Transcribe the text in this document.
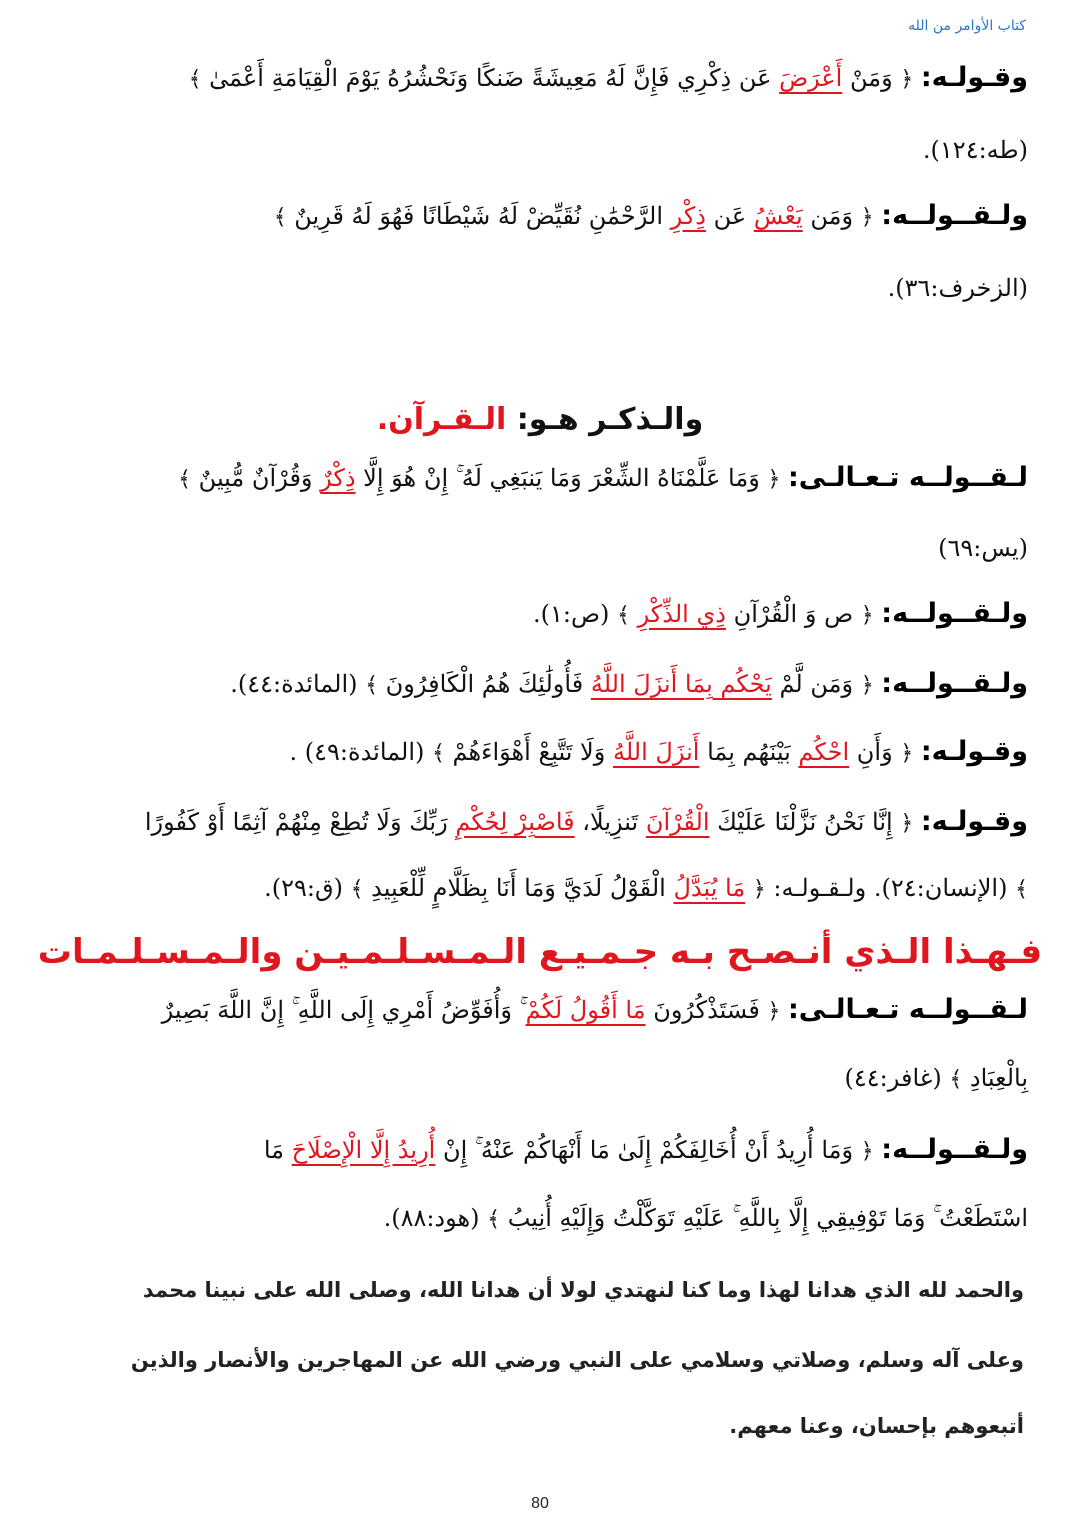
كتاب الأوامر من الله
وقـولـه: ﴿ وَمَنْ أَعْرَضَ عَن ذِكْرِي فَإِنَّ لَهُ مَعِيشَةً ضَنكًا وَنَحْشُرُهُ يَوْمَ الْقِيَامَةِ أَعْمَىٰ ﴾
(طه:١٢٤).
ولـقــولــه: ﴿ وَمَن يَعْشُ عَن ذِكْرِ الرَّحْمَٰنِ نُقَيِّضْ لَهُ شَيْطَانًا فَهُوَ لَهُ قَرِينٌ ﴾
(الزخرف:٣٦).
والـذكـر هـو: الـقـرآن.
لـقــولــه تـعـالـى: ﴿ وَمَا عَلَّمْنَاهُ الشِّعْرَ وَمَا يَنبَغِي لَهُ ۚ إِنْ هُوَ إِلَّا ذِكْرٌ وَقُرْآنٌ مُّبِينٌ ﴾
(يس:٦٩)
ولـقــولــه: ﴿ ص وَ الْقُرْآنِ ذِي الذِّكْرِ ﴾ (ص:١).
ولـقــولــه: ﴿ وَمَن لَّمْ يَحْكُم بِمَا أَنزَلَ اللَّهُ فَأُولَٰئِكَ هُمُ الْكَافِرُونَ ﴾ (المائدة:٤٤).
وقـولـه: ﴿ وَأَنِ احْكُم بَيْنَهُم بِمَا أَنزَلَ اللَّهُ وَلَا تَتَّبِعْ أَهْوَاءَهُمْ ﴾ (المائدة:٤٩) .
وقـولـه: ﴿ إِنَّا نَحْنُ نَزَّلْنَا عَلَيْكَ الْقُرْآنَ تَنزِيلًا، فَاصْبِرْ لِحُكْمِ رَبِّكَ وَلَا تُطِعْ مِنْهُمْ آثِمًا أَوْ كَفُورًا
﴾ (الإنسان:٢٤). ولـقـولـه: ﴿ مَا يُبَدَّلُ الْقَوْلُ لَدَيَّ وَمَا أَنَا بِظَلَّامٍ لِّلْعَبِيدِ ﴾ (ق:٢٩).
فـهـذا الـذي أنـصـح بـه جـمـيـع الـمـسـلـمـيـن والـمـسـلـمـات
لـقــولــه تـعـالـى: ﴿ فَسَتَذْكُرُونَ مَا أَقُولُ لَكُمْ ۚ وَأُفَوِّضُ أَمْرِي إِلَى اللَّهِ ۚ إِنَّ اللَّهَ بَصِيرٌ
بِالْعِبَادِ ﴾ (غافر:٤٤)
ولـقــولــه: ﴿ وَمَا أُرِيدُ أَنْ أُخَالِفَكُمْ إِلَىٰ مَا أَنْهَاكُمْ عَنْهُ ۚ إِنْ أُرِيدُ إِلَّا الْإِصْلَاحَ مَا
اسْتَطَعْتُ ۚ وَمَا تَوْفِيقِي إِلَّا بِاللَّهِ ۚ عَلَيْهِ تَوَكَّلْتُ وَإِلَيْهِ أُنِيبُ ﴾ (هود:٨٨).
والحمد لله الذي هدانا لهذا وما كنا لنهتدي لولا أن هدانا الله، وصلى الله على نبينا محمد
وعلى آله وسلم، وصلاتي وسلامي على النبي ورضي الله عن المهاجرين والأنصار والذين
أتبعوهم بإحسان، وعنا معهم.
80
